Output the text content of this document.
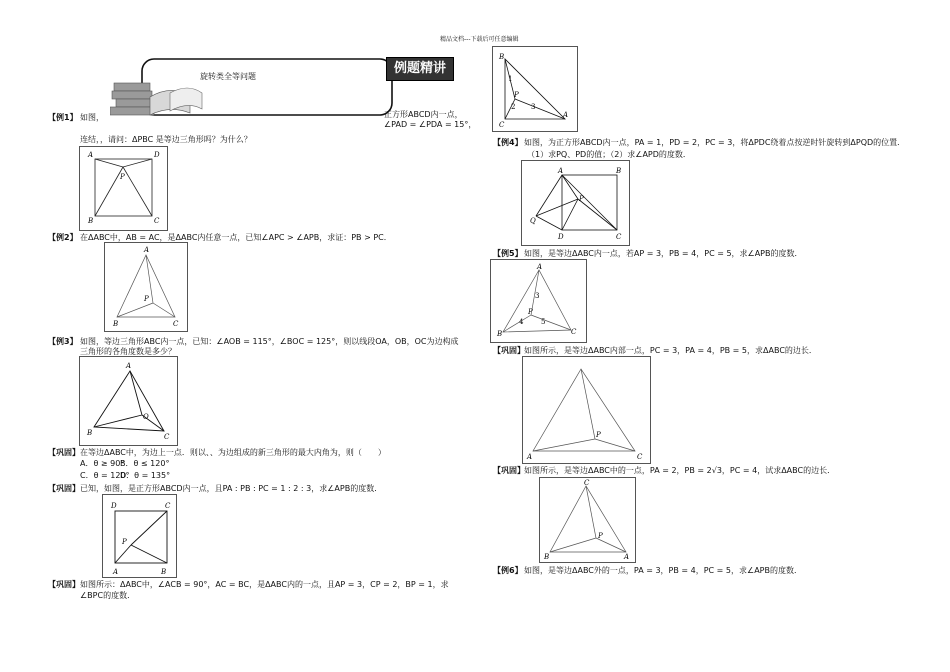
精品文档---下载后可任意编辑
旋转类全等问题
例题精讲
【例1】 如图，	正方形ABCD内一点，
∠PAD = ∠PDA = 15°，
连结，，请问：ΔPBC 是等边三角形吗？为什么？
A	D
P
B	C
【例2】 在ΔABC中，AB = AC，是ΔABC内任意一点，已知∠APC > ∠APB，求证：PB > PC．
A
P
B	C
【例3】 如图，等边三角形ABC内一点，已知：∠AOB = 115°，∠BOC = 125°，则以线段OA，OB，OC为边构成
三角形的各角度数是多少？
A
O
B	C
【巩固】 在等边ΔABC中，为边上一点．则以、、为边组成的新三角形的最大内角为，则（　　）
A．θ ≥ 90°
B．θ ≤ 120°
C．θ = 120°
D．θ = 135°
【巩固】 已知，如图，是正方形ABCD内一点，且PA : PB : PC = 1 : 2 : 3，求∠APB的度数．
D	C
P
A	B
【巩固】 如图所示：ΔABC中，∠ACB = 90°，AC = BC，是ΔABC内的一点，且AP = 3，CP = 2，BP = 1，求
∠BPC的度数．
B
1
P
2 3
C
A
【例4】 如图，为正方形ABCD内一点，PA = 1，PD = 2，PC = 3，将ΔPDC绕着点按逆时针旋转到ΔPQD的位置．
（1）求PQ、PD的值；（2）求∠APD的度数．
A	B
P
Q
D	C
【例5】 如图，是等边ΔABC内一点，若AP = 3，PB = 4，PC = 5，求∠APB的度数．
A
3
P
4	5
B	C
【巩固】 如图所示，是等边ΔABC内部一点，PC = 3，PA = 4，PB = 5，求ΔABC的边长．
P
A	C
【巩固】 如图所示，是等边ΔABC中的一点，PA = 2，PB = 2√3，PC = 4，试求ΔABC的边长．
C
P
B	A
【例6】 如图，是等边ΔABC外的一点，PA = 3，PB = 4，PC = 5，求∠APB的度数．
